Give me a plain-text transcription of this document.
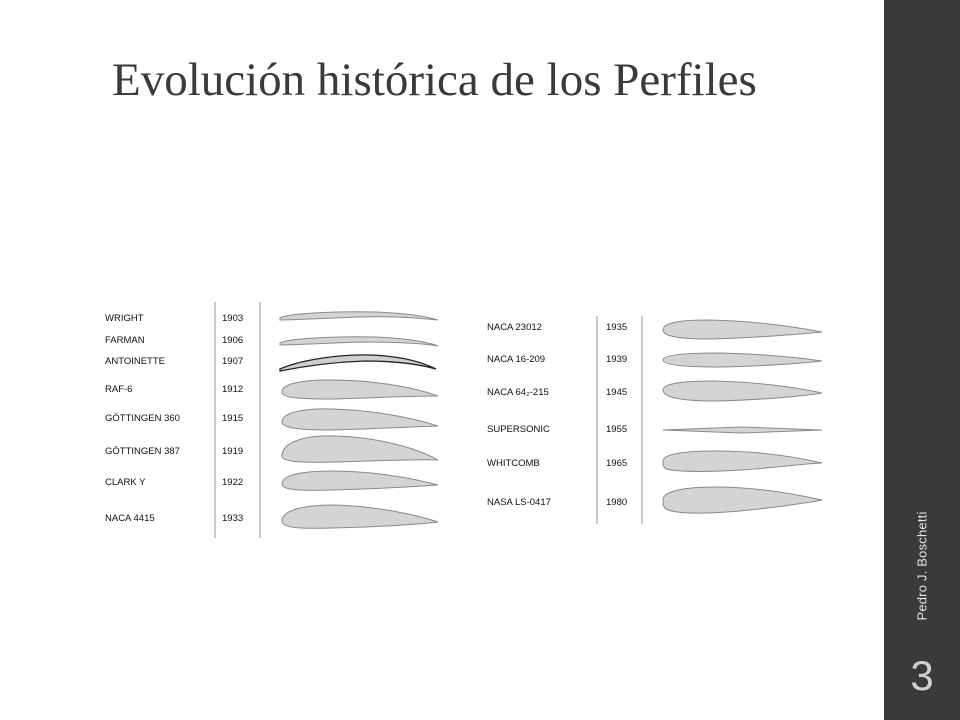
Evolución histórica de los Perfiles
WRIGHT	1903
FARMAN	1906
ANTOINETTE	1907
RAF-6	1912
GÖTTINGEN 360	1915
GÖTTINGEN 387	1919
CLARK Y	1922
NACA 4415	1933
NACA 23012	1935
NACA 16-209	1939
NACA 64₂-215	1945
SUPERSONIC	1955
WHITCOMB	1965
NASA LS-0417	1980
Pedro J. Boschetti
3
